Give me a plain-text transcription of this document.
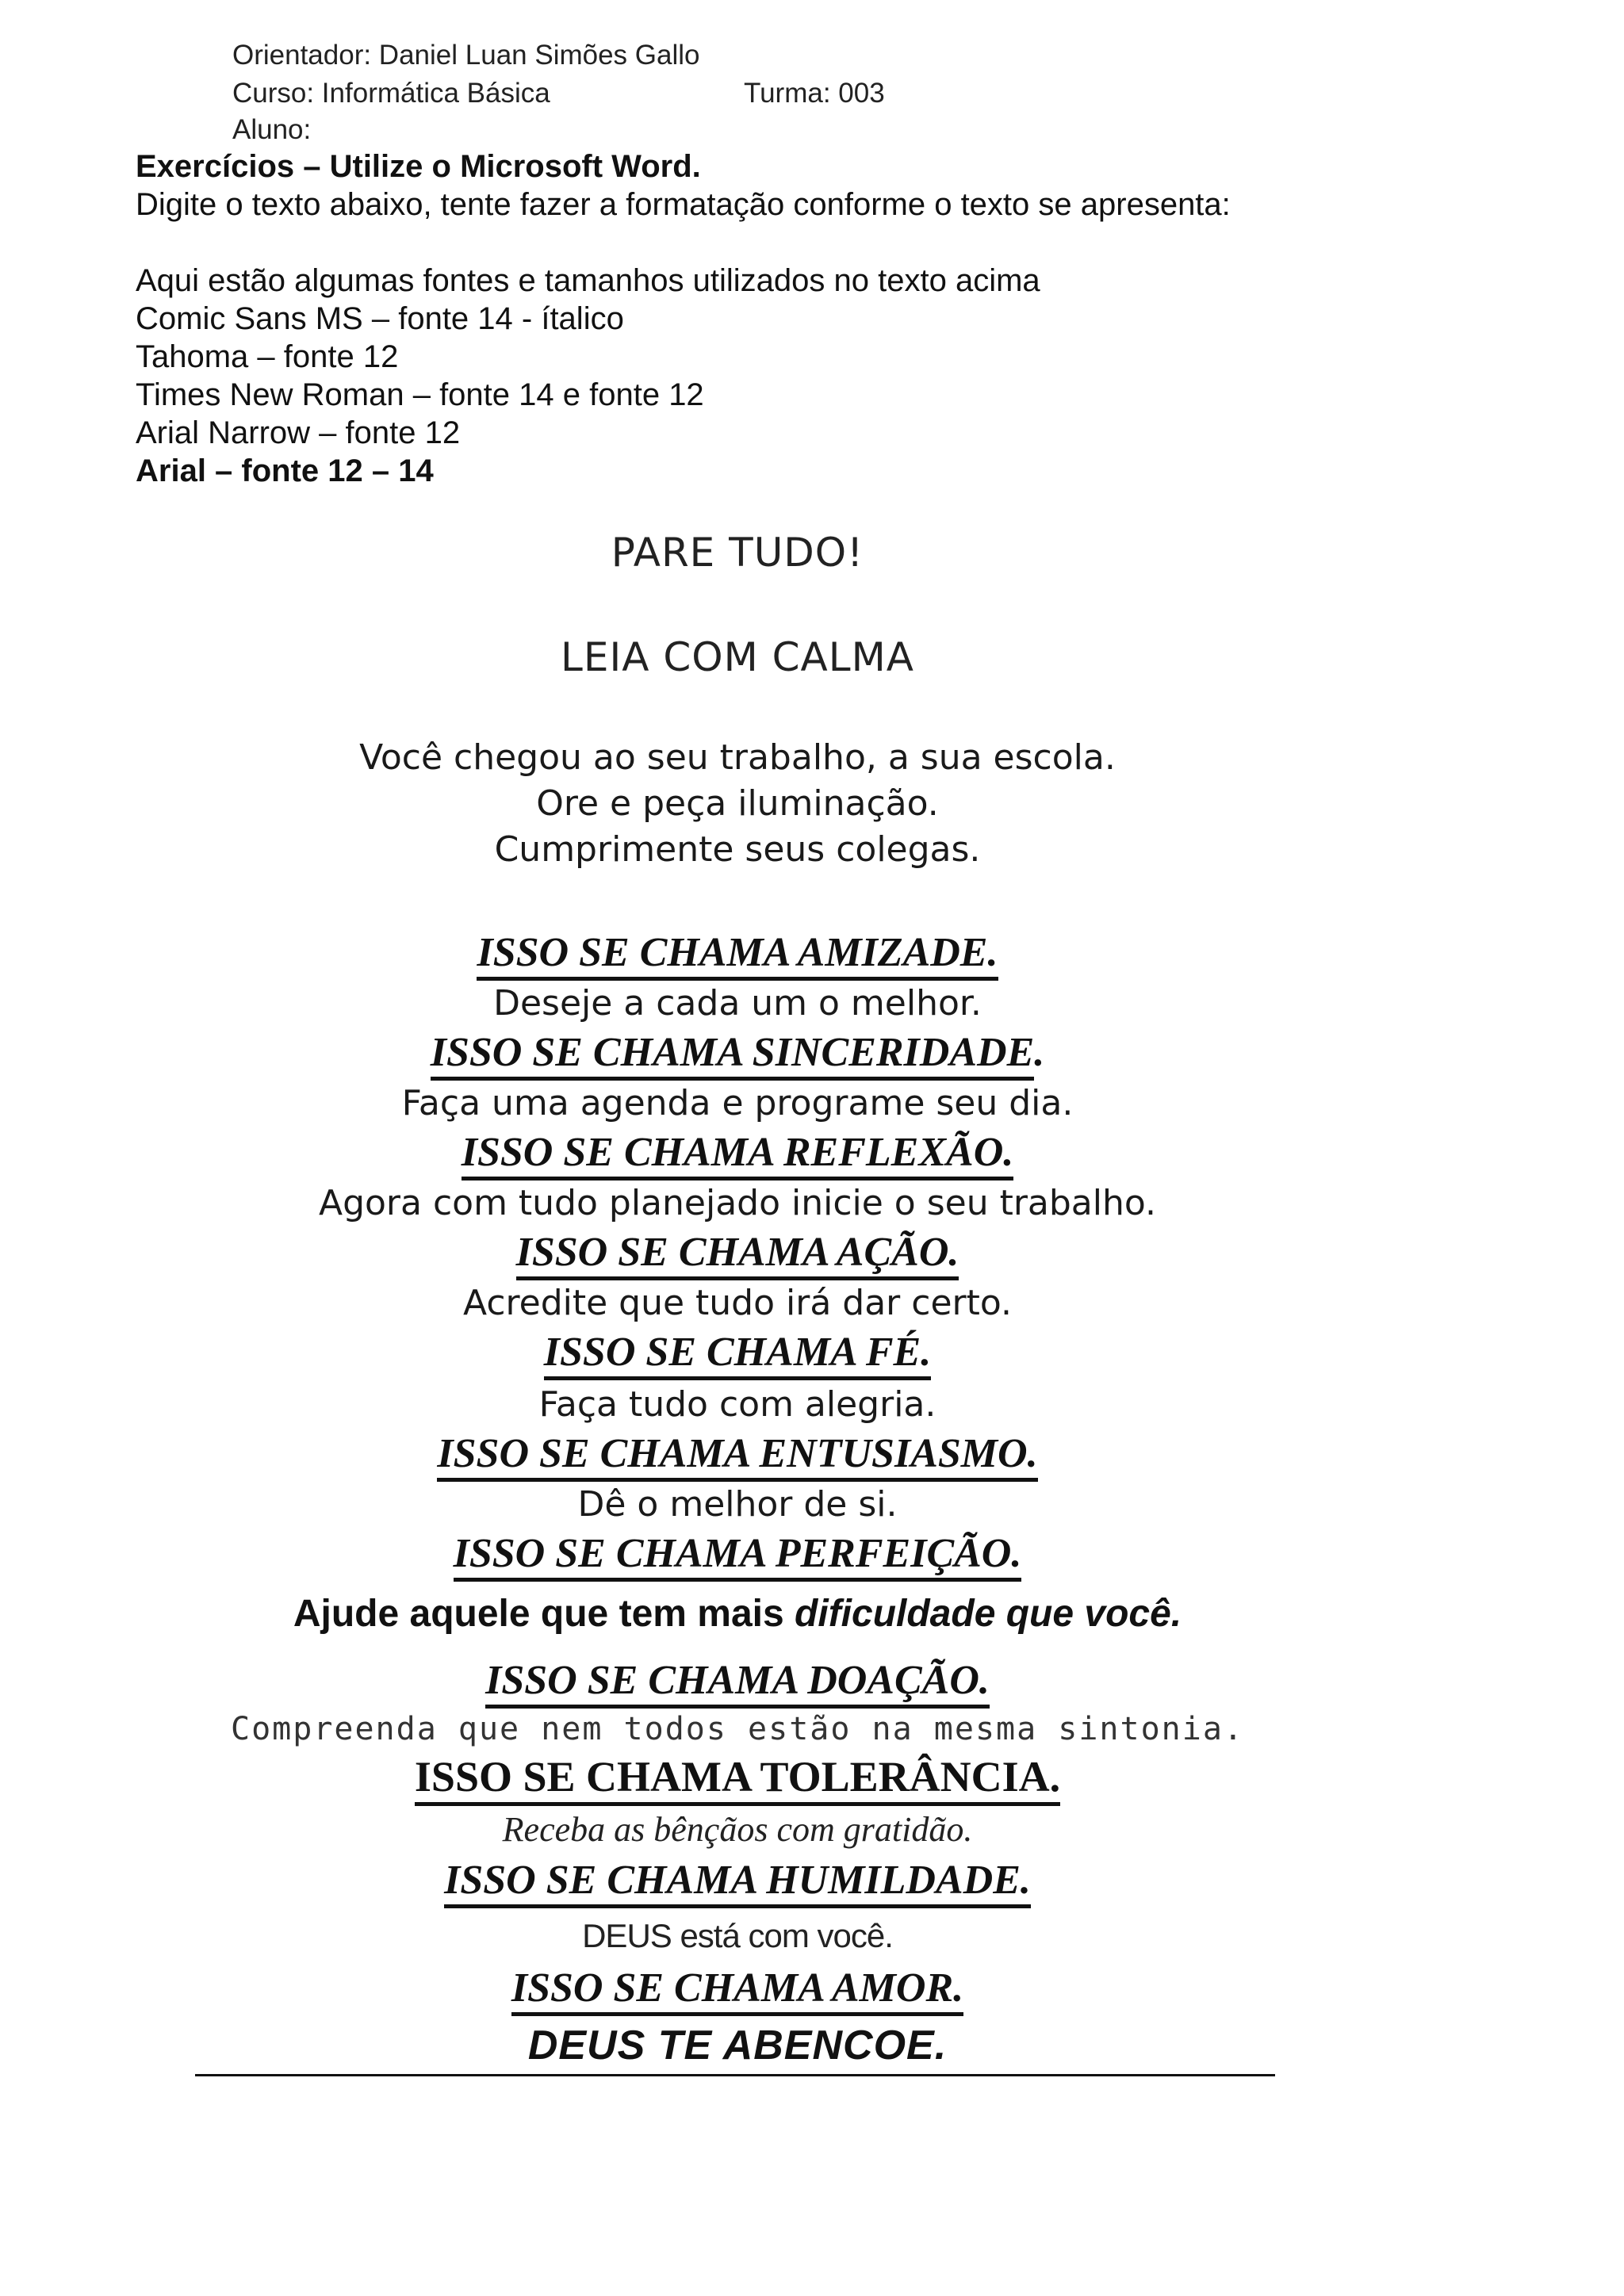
Orientador: Daniel Luan Simões Gallo
Curso: Informática Básica	Turma: 003
Aluno:
Exercícios – Utilize o Microsoft Word.
Digite o texto abaixo, tente fazer a formatação conforme o texto se apresenta:
Aqui estão algumas fontes e tamanhos utilizados no texto acima
Comic Sans MS – fonte 14 - ítalico
Tahoma – fonte 12
Times New Roman – fonte 14 e fonte 12
Arial Narrow – fonte 12
Arial – fonte 12 – 14
PARE TUDO!
LEIA COM CALMA
Você chegou ao seu trabalho, a sua escola.
Ore e peça iluminação.
Cumprimente seus colegas.
ISSO SE CHAMA AMIZADE.
Deseje a cada um o melhor.
ISSO SE CHAMA SINCERIDADE.
Faça uma agenda e programe seu dia.
ISSO SE CHAMA REFLEXÃO.
Agora com tudo planejado inicie o seu trabalho.
ISSO SE CHAMA AÇÃO.
Acredite que tudo irá dar certo.
ISSO SE CHAMA FÉ.
Faça tudo com alegria.
ISSO SE CHAMA ENTUSIASMO.
Dê o melhor de si.
ISSO SE CHAMA PERFEIÇÃO.
Ajude aquele que tem mais dificuldade que você.
ISSO SE CHAMA DOAÇÃO.
Compreenda que nem todos estão na mesma sintonia.
ISSO SE CHAMA TOLERÂNCIA.
Receba as bênçãos com gratidão.
ISSO SE CHAMA HUMILDADE.
DEUS está com você.
ISSO SE CHAMA AMOR.
DEUS TE ABENCOE.
